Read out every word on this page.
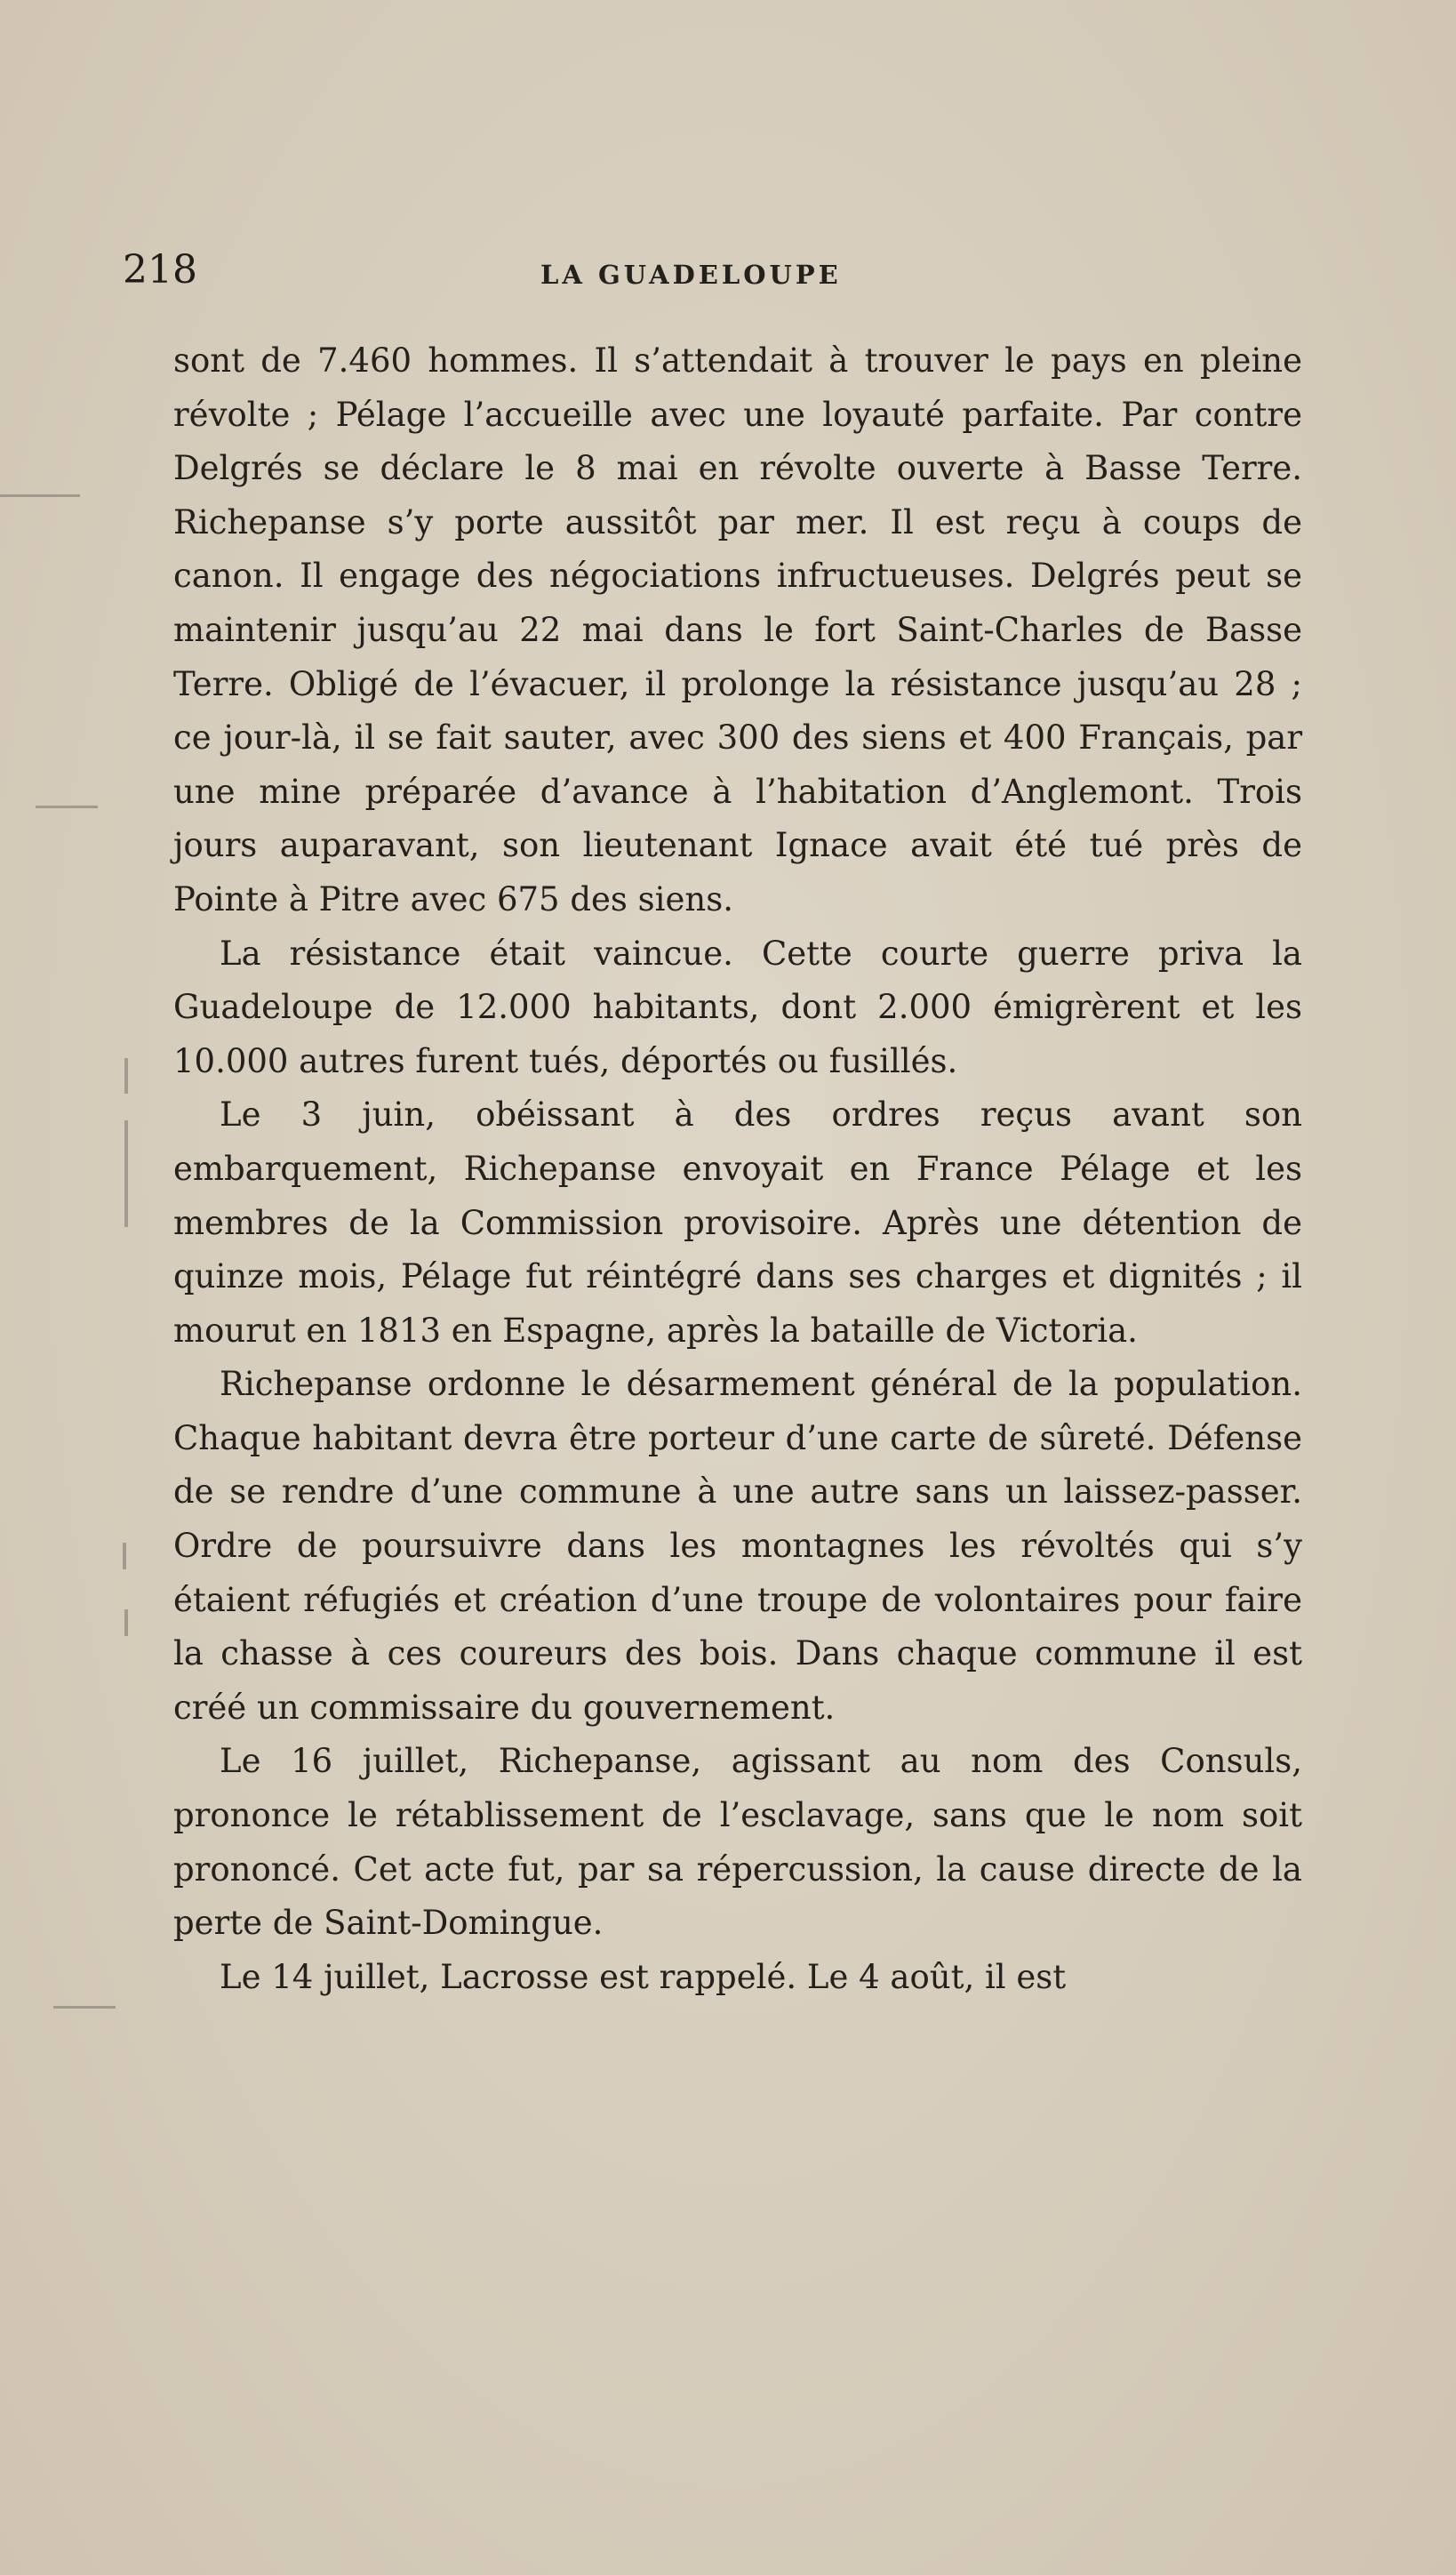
218	LA GUADELOUPE

sont de 7.460 hommes. Il s’attendait à trouver le pays en pleine révolte ; Pélage l’accueille avec une loyauté parfaite. Par contre Delgrés se déclare le 8 mai en révolte ouverte à Basse Terre. Richepanse s’y porte aussitôt par mer. Il est reçu à coups de canon. Il engage des négociations infructueuses. Delgrés peut se maintenir jusqu’au 22 mai dans le fort Saint-Charles de Basse Terre. Obligé de l’évacuer, il prolonge la résistance jusqu’au 28 ; ce jour-là, il se fait sauter, avec 300 des siens et 400 Français, par une mine préparée d’avance à l’habitation d’Anglemont. Trois jours auparavant, son lieutenant Ignace avait été tué près de Pointe à Pitre avec 675 des siens.

La résistance était vaincue. Cette courte guerre priva la Guadeloupe de 12.000 habitants, dont 2.000 émigrèrent et les 10.000 autres furent tués, déportés ou fusillés.

Le 3 juin, obéissant à des ordres reçus avant son embarquement, Richepanse envoyait en France Pélage et les membres de la Commission provisoire. Après une détention de quinze mois, Pélage fut réintégré dans ses charges et dignités ; il mourut en 1813 en Espagne, après la bataille de Victoria.

Richepanse ordonne le désarmement général de la population. Chaque habitant devra être porteur d’une carte de sûreté. Défense de se rendre d’une commune à une autre sans un laissez-passer. Ordre de poursuivre dans les montagnes les révoltés qui s’y étaient réfugiés et création d’une troupe de volontaires pour faire la chasse à ces coureurs des bois. Dans chaque commune il est créé un commissaire du gouvernement.

Le 16 juillet, Richepanse, agissant au nom des Consuls, prononce le rétablissement de l’esclavage, sans que le nom soit prononcé. Cet acte fut, par sa répercussion, la cause directe de la perte de Saint-Domingue.

Le 14 juillet, Lacrosse est rappelé. Le 4 août, il est
